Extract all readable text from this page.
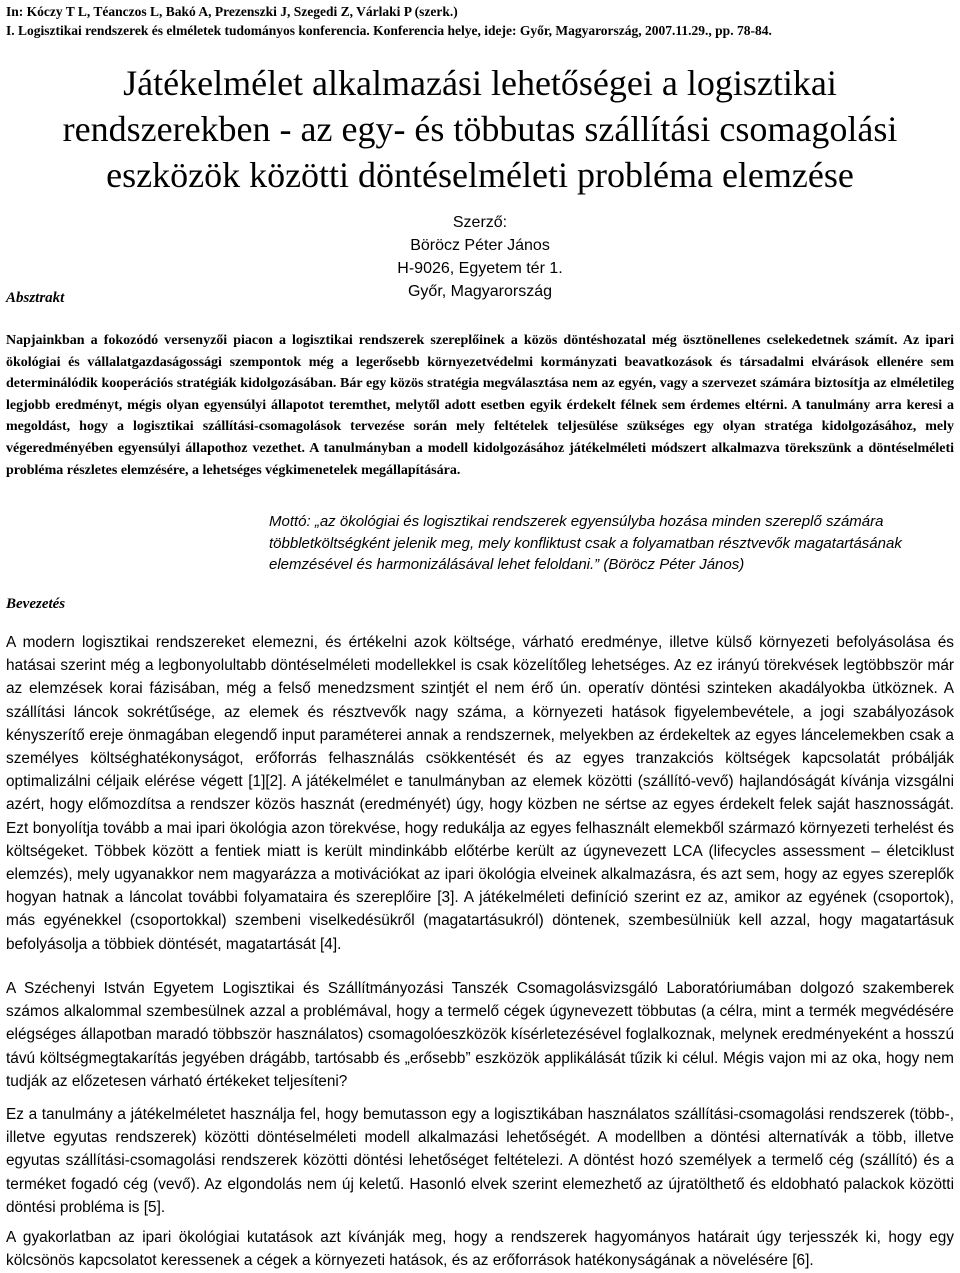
In: Kóczy T L, Téanczos L, Bakó A, Prezenszki J, Szegedi Z, Várlaki P (szerk.)
I. Logisztikai rendszerek és elméletek tudományos konferencia. Konferencia helye, ideje: Győr, Magyarország, 2007.11.29., pp. 78-84.
Játékelmélet alkalmazási lehetőségei a logisztikai
rendszerekben - az egy- és többutas szállítási csomagolási
eszközök közötti döntéselméleti probléma elemzése
Szerző:
Böröcz Péter János
H-9026, Egyetem tér 1.
Győr, Magyarország
Absztrakt

Napjainkban a fokozódó versenyzői piacon a logisztikai rendszerek szereplőinek a közös döntéshozatal még ösztönellenes cselekedetnek számít. Az ipari ökológiai és vállalatgazdaságossági szempontok még a legerősebb környezetvédelmi kormányzati beavatkozások és társadalmi elvárások ellenére sem determinálódik kooperációs stratégiák kidolgozásában. Bár egy közös stratégia megválasztása nem az egyén, vagy a szervezet számára biztosítja az elméletileg legjobb eredményt, mégis olyan egyensúlyi állapotot teremthet, melytől adott esetben egyik érdekelt félnek sem érdemes eltérni. A tanulmány arra keresi a megoldást, hogy a logisztikai szállítási-csomagolások tervezése során mely feltételek teljesülése szükséges egy olyan stratéga kidolgozásához, mely végeredményében egyensúlyi állapothoz vezethet. A tanulmányban a modell kidolgozásához játékelméleti módszert alkalmazva törekszünk a döntéselméleti probléma részletes elemzésére, a lehetséges végkimenetelek megállapítására.

Mottó: „az ökológiai és logisztikai rendszerek egyensúlyba hozása minden szereplő számára többletköltségként jelenik meg, mely konfliktust csak a folyamatban résztvevők magatartásának elemzésével és harmonizálásával lehet feloldani.” (Böröcz Péter János)

Bevezetés

A modern logisztikai rendszereket elemezni, és értékelni azok költsége, várható eredménye, illetve külső környezeti befolyásolása és hatásai szerint még a legbonyolultabb döntéselméleti modellekkel is csak közelítőleg lehetséges. Az ez irányú törekvések legtöbbször már az elemzések korai fázisában, még a felső menedzsment szintjét el nem érő ún. operatív döntési szinteken akadályokba ütköznek. A szállítási láncok sokrétűsége, az elemek és résztvevők nagy száma, a környezeti hatások figyelembevétele, a jogi szabályozások kényszerítő ereje önmagában elegendő input paraméterei annak a rendszernek, melyekben az érdekeltek az egyes láncelemekben csak a személyes költséghatékonyságot, erőforrás felhasználás csökkentését és az egyes tranzakciós költségek kapcsolatát próbálják optimalizálni céljaik elérése végett [1][2]. A játékelmélet e tanulmányban az elemek közötti (szállító-vevő) hajlandóságát kívánja vizsgálni azért, hogy előmozdítsa a rendszer közös hasznát (eredményét) úgy, hogy közben ne sértse az egyes érdekelt felek saját hasznosságát. Ezt bonyolítja tovább a mai ipari ökológia azon törekvése, hogy redukálja az egyes felhasznált elemekből származó környezeti terhelést és költségeket. Többek között a fentiek miatt is került mindinkább előtérbe került az úgynevezett LCA (lifecycles assessment – életciklust elemzés), mely ugyanakkor nem magyarázza a motivációkat az ipari ökológia elveinek alkalmazásra, és azt sem, hogy az egyes szereplők hogyan hatnak a láncolat további folyamataira és szereplőire [3]. A játékelméleti definíció szerint ez az, amikor az egyének (csoportok), más egyénekkel (csoportokkal) szembeni viselkedésükről (magatartásukról) döntenek, szembesülniük kell azzal, hogy magatartásuk befolyásolja a többiek döntését, magatartását [4].

A Széchenyi István Egyetem Logisztikai és Szállítmányozási Tanszék Csomagolásvizsgáló Laboratóriumában dolgozó szakemberek számos alkalommal szembesülnek azzal a problémával, hogy a termelő cégek úgynevezett többutas (a célra, mint a termék megvédésére elégséges állapotban maradó többször használatos) csomagolóeszközök kísérletezésével foglalkoznak, melynek eredményeként a hosszú távú költségmegtakarítás jegyében drágább, tartósabb és „erősebb” eszközök applikálását tűzik ki célul. Mégis vajon mi az oka, hogy nem tudják az előzetesen várható értékeket teljesíteni?

Ez a tanulmány a játékelméletet használja fel, hogy bemutasson egy a logisztikában használatos szállítási-csomagolási rendszerek (több-, illetve egyutas rendszerek) közötti döntéselméleti modell alkalmazási lehetőségét. A modellben a döntési alternatívák a több, illetve egyutas szállítási-csomagolási rendszerek közötti döntési lehetőséget feltételezi. A döntést hozó személyek a termelő cég (szállító) és a terméket fogadó cég (vevő). Az elgondolás nem új keletű. Hasonló elvek szerint elemezhető az újratölthető és eldobható palackok közötti döntési probléma is [5].

A gyakorlatban az ipari ökológiai kutatások azt kívánják meg, hogy a rendszerek hagyományos határait úgy terjesszék ki, hogy egy kölcsönös kapcsolatot keressenek a cégek a környezeti hatások, és az erőforrások hatékonyságának a növelésére [6].
